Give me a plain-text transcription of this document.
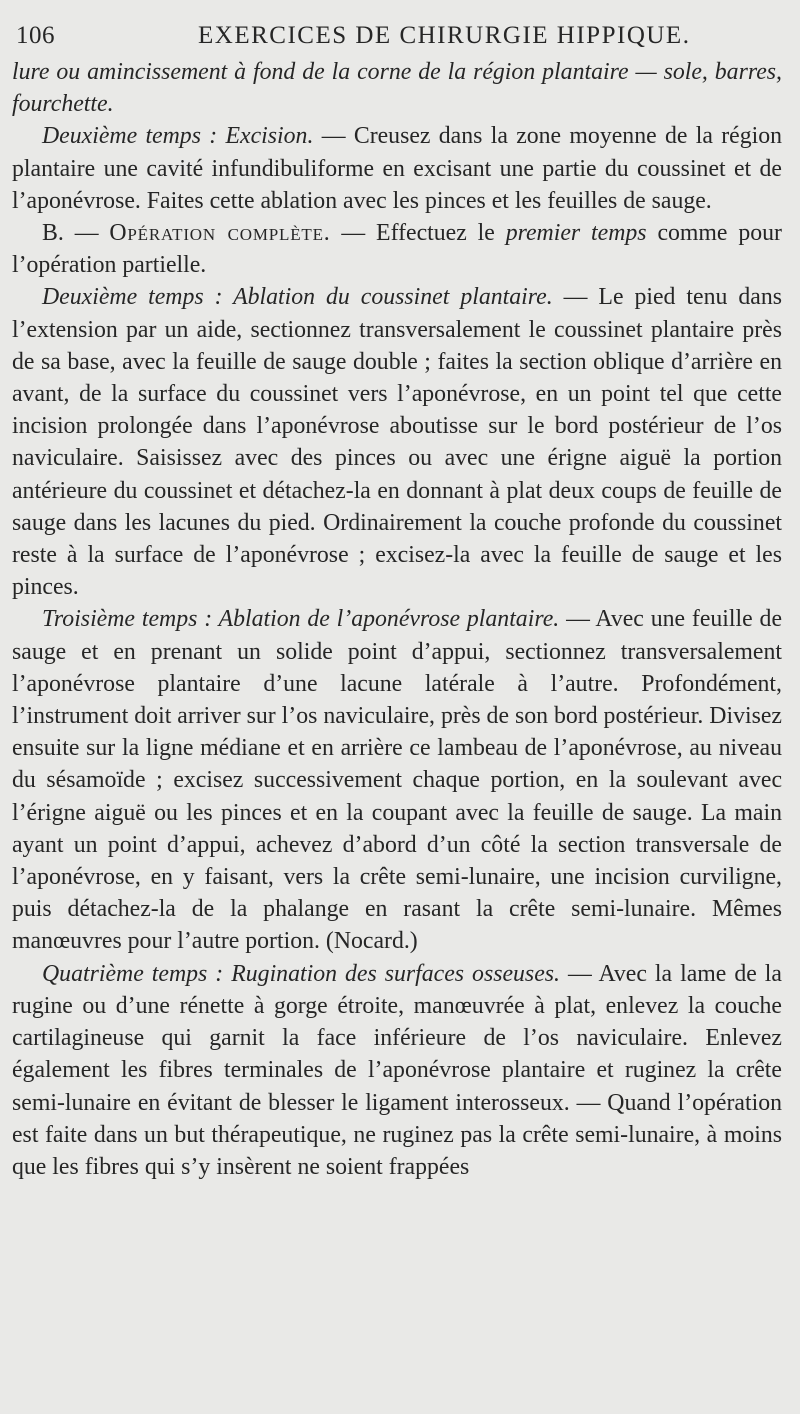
106	EXERCICES DE CHIRURGIE HIPPIQUE.

lure ou amincissement à fond de la corne de la région plantaire — sole, barres, fourchette.

Deuxième temps : Excision. — Creusez dans la zone moyenne de la région plantaire une cavité infundibuliforme en excisant une partie du coussinet et de l’aponévrose. Faites cette ablation avec les pinces et les feuilles de sauge.

B. — Opération complète. — Effectuez le premier temps comme pour l’opération partielle.

Deuxième temps : Ablation du coussinet plantaire. — Le pied tenu dans l’extension par un aide, sectionnez transversalement le coussinet plantaire près de sa base, avec la feuille de sauge double ; faites la section oblique d’arrière en avant, de la surface du coussinet vers l’aponévrose, en un point tel que cette incision prolongée dans l’aponévrose aboutisse sur le bord postérieur de l’os naviculaire. Saisissez avec des pinces ou avec une érigne aiguë la portion antérieure du coussinet et détachez-la en donnant à plat deux coups de feuille de sauge dans les lacunes du pied. Ordinairement la couche profonde du coussinet reste à la surface de l’aponévrose ; excisez-la avec la feuille de sauge et les pinces.

Troisième temps : Ablation de l’aponévrose plantaire. — Avec une feuille de sauge et en prenant un solide point d’appui, sectionnez transversalement l’aponévrose plantaire d’une lacune latérale à l’autre. Profondément, l’instrument doit arriver sur l’os naviculaire, près de son bord postérieur. Divisez ensuite sur la ligne médiane et en arrière ce lambeau de l’aponévrose, au niveau du sésamoïde ; excisez successivement chaque portion, en la soulevant avec l’érigne aiguë ou les pinces et en la coupant avec la feuille de sauge. La main ayant un point d’appui, achevez d’abord d’un côté la section transversale de l’aponévrose, en y faisant, vers la crête semi-lunaire, une incision curviligne, puis détachez-la de la phalange en rasant la crête semi-lunaire. Mêmes manœuvres pour l’autre portion. (Nocard.)

Quatrième temps : Rugination des surfaces osseuses. — Avec la lame de la rugine ou d’une rénette à gorge étroite, manœuvrée à plat, enlevez la couche cartilagineuse qui garnit la face inférieure de l’os naviculaire. Enlevez également les fibres terminales de l’aponévrose plantaire et ruginez la crête semi-lunaire en évitant de blesser le ligament interosseux. — Quand l’opération est faite dans un but thérapeutique, ne ruginez pas la crête semi-lunaire, à moins que les fibres qui s’y insèrent ne soient frappées
